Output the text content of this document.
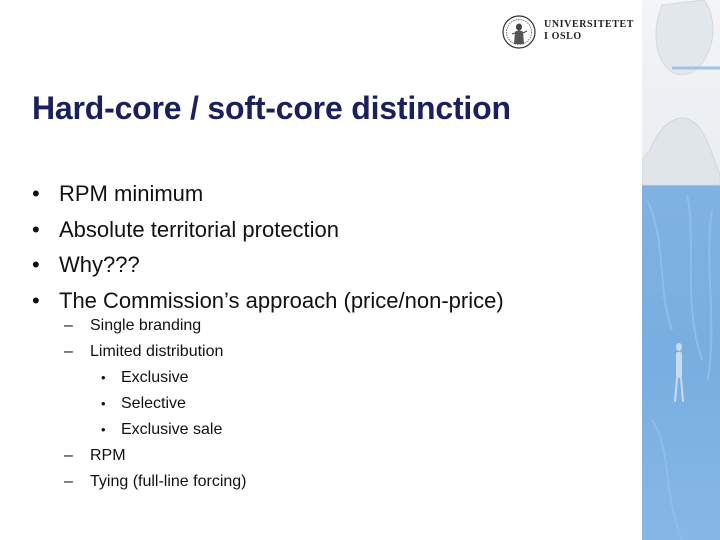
UNIVERSITETET
I OSLO
Hard-core / soft-core distinction
• RPM minimum
• Absolute territorial protection
• Why???
• The Commission’s approach (price/non-price)
– Single branding
– Limited distribution
• Exclusive
• Selective
• Exclusive sale
– RPM
– Tying (full-line forcing)
